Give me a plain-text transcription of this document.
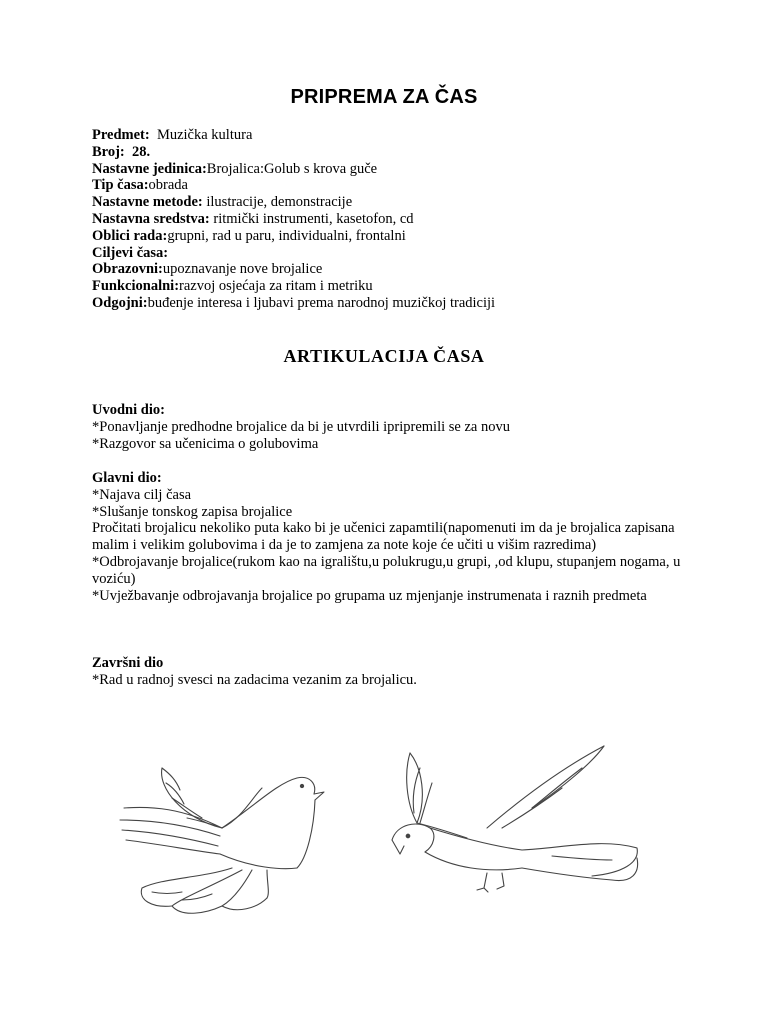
PRIPREMA ZA ČAS
Predmet:  Muzička kultura
Broj:  28.
Nastavne jedinica:Brojalica:Golub s krova guče
Tip časa:obrada
Nastavne metode: ilustracije, demonstracije
Nastavna sredstva: ritmički instrumenti, kasetofon, cd
Oblici rada:grupni, rad u paru, individualni, frontalni
Ciljevi časa:
Obrazovni:upoznavanje nove brojalice
Funkcionalni:razvoj osjećaja za ritam i metriku
Odgojni:buđenje interesa i ljubavi prema narodnoj muzičkoj tradiciji
ARTIKULACIJA ČASA
Uvodni dio:
*Ponavljanje predhodne brojalice da bi je utvrdili ipripremili se za novu
*Razgovor sa učenicima o golubovima
Glavni dio:
*Najava cilj časa
*Slušanje tonskog zapisa brojalice
Pročitati brojalicu nekoliko puta kako bi je učenici zapamtili(napomenuti im da je brojalica zapisana malim i velikim golubovima i da je to zamjena za note koje će učiti u višim razredima)
*Odbrojavanje brojalice(rukom kao na igralištu,u polukrugu,u grupi, ,od klupu, stupanjem nogama, u voziću)
*Uvježbavanje odbrojavanja brojalice po grupama uz mjenjanje instrumenata i raznih predmeta
Završni dio
*Rad u radnoj svesci na zadacima vezanim za brojalicu.
